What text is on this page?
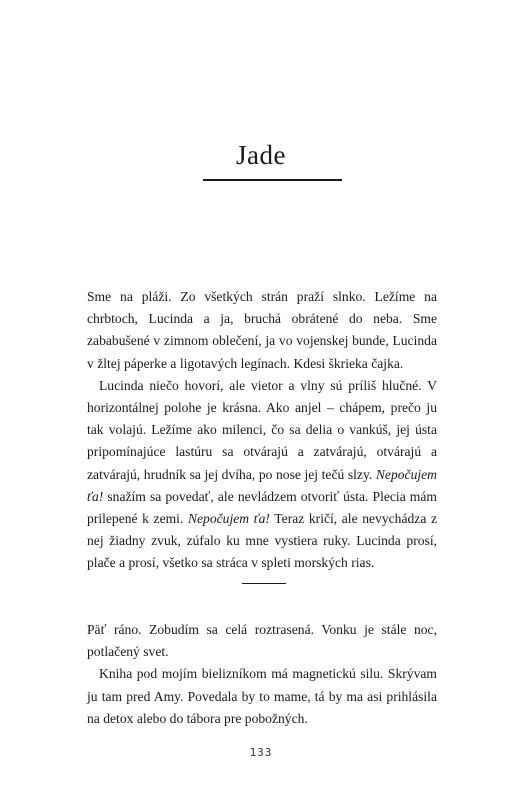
Jade

Sme na pláži. Zo všetkých strán praží slnko. Ležíme na chrbtoch, Lucinda a ja, bruchá obrátené do neba. Sme zababušené v zimnom oblečení, ja vo vojenskej bunde, Lucinda v žltej páperke a ligotavých legínach. Kdesi škrieka čajka.

Lucinda niečo hovorí, ale vietor a vlny sú príliš hlučné. V horizontálnej polohe je krásna. Ako anjel – chápem, prečo ju tak volajú. Ležíme ako milenci, čo sa delia o vankúš, jej ústa pripomínajúce lastúru sa otvárajú a zatvárajú, otvárajú a zatvárajú, hrudník sa jej dvíha, po nose jej tečú slzy. Nepočujem ťa! snažím sa povedať, ale nevládzem otvoriť ústa. Plecia mám prilepené k zemi. Nepočujem ťa! Teraz kričí, ale nevychádza z nej žiadny zvuk, zúfalo ku mne vystiera ruky. Lucinda prosí, plače a prosí, všetko sa stráca v spleti morských rias.

Päť ráno. Zobudím sa celá roztrasená. Vonku je stále noc, potlačený svet.

Kniha pod mojím bielizníkom má magnetickú silu. Skrývam ju tam pred Amy. Povedala by to mame, tá by ma asi prihlásila na detox alebo do tábora pre pobožných.

133
